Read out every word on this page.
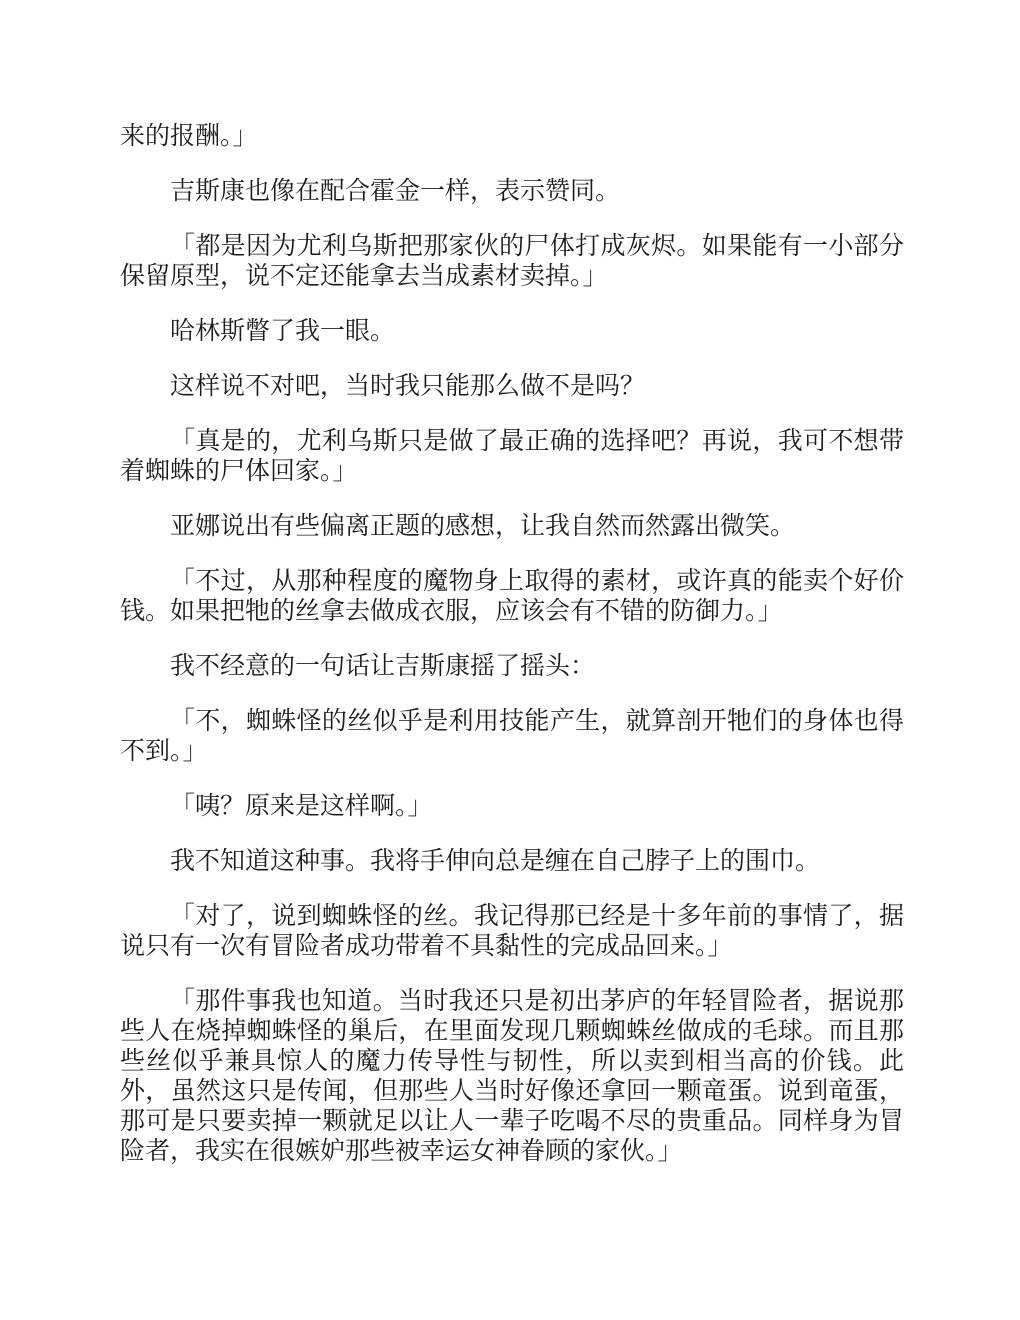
来的报酬。」

吉斯康也像在配合霍金一样，表示赞同。

「都是因为尤利乌斯把那家伙的尸体打成灰烬。如果能有一小部分保留原型，说不定还能拿去当成素材卖掉。」

哈林斯瞥了我一眼。

这样说不对吧，当时我只能那么做不是吗？

「真是的，尤利乌斯只是做了最正确的选择吧？再说，我可不想带着蜘蛛的尸体回家。」

亚娜说出有些偏离正题的感想，让我自然而然露出微笑。

「不过，从那种程度的魔物身上取得的素材，或许真的能卖个好价钱。如果把牠的丝拿去做成衣服，应该会有不错的防御力。」

我不经意的一句话让吉斯康摇了摇头：

「不，蜘蛛怪的丝似乎是利用技能产生，就算剖开牠们的身体也得不到。」

「咦？原来是这样啊。」

我不知道这种事。我将手伸向总是缠在自己脖子上的围巾。

「对了，说到蜘蛛怪的丝。我记得那已经是十多年前的事情了，据说只有一次有冒险者成功带着不具黏性的完成品回来。」

「那件事我也知道。当时我还只是初出茅庐的年轻冒险者，据说那些人在烧掉蜘蛛怪的巢后，在里面发现几颗蜘蛛丝做成的毛球。而且那些丝似乎兼具惊人的魔力传导性与韧性，所以卖到相当高的价钱。此外，虽然这只是传闻，但那些人当时好像还拿回一颗竜蛋。说到竜蛋，那可是只要卖掉一颗就足以让人一辈子吃喝不尽的贵重品。同样身为冒险者，我实在很嫉妒那些被幸运女神眷顾的家伙。」
